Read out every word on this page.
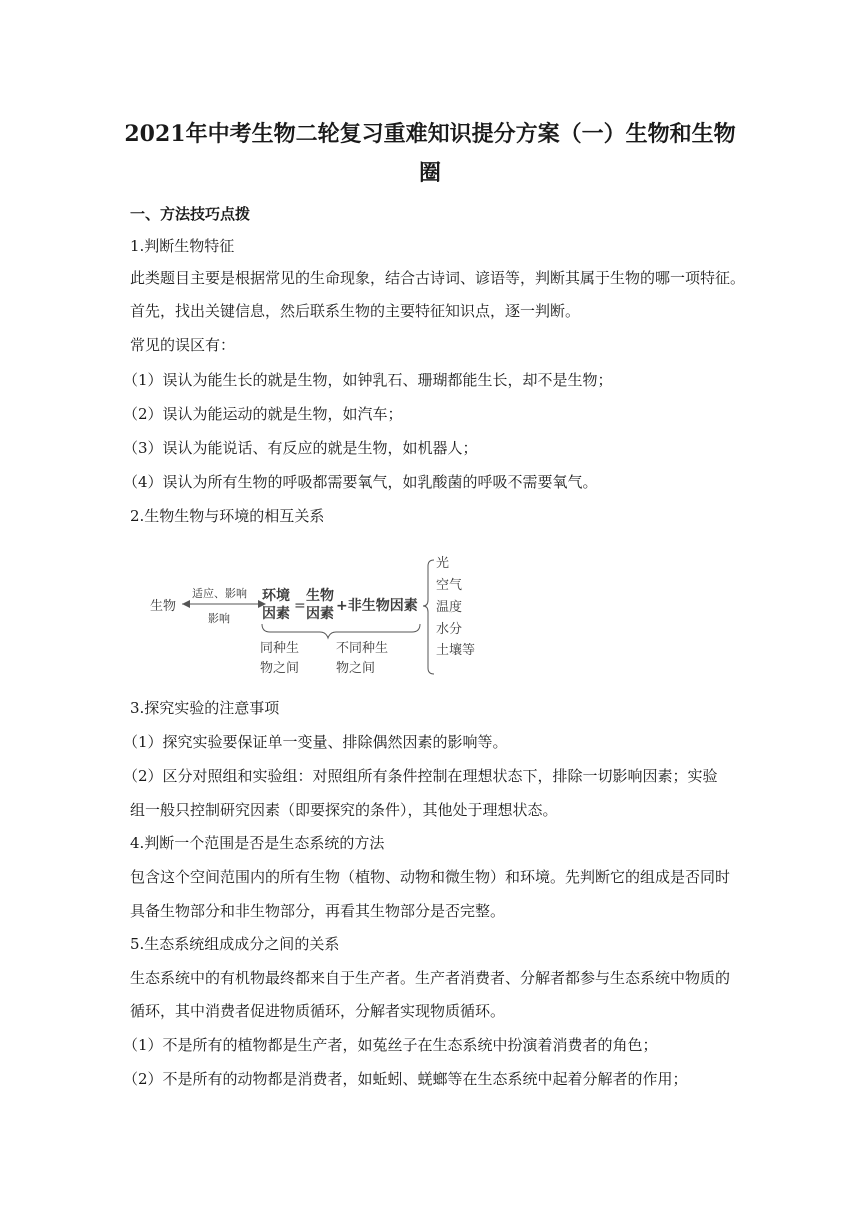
2021年中考生物二轮复习重难知识提分方案（一）生物和生物
圈
一、方法技巧点拨
1.判断生物特征
此类题目主要是根据常见的生命现象，结合古诗词、谚语等，判断其属于生物的哪一项特征。
首先，找出关键信息，然后联系生物的主要特征知识点，逐一判断。
常见的误区有：
（1）误认为能生长的就是生物，如钟乳石、珊瑚都能生长，却不是生物；
（2）误认为能运动的就是生物，如汽车；
（3）误认为能说话、有反应的就是生物，如机器人；
（4）误认为所有生物的呼吸都需要氧气，如乳酸菌的呼吸不需要氧气。
2.生物生物与环境的相互关系
生物
适应、影响
影响
环境
因素 =
生物
因素 +非生物因素
光
空气
温度
水分
土壤等
同种生
物之间
不同种生
物之间
3.探究实验的注意事项
（1）探究实验要保证单一变量、排除偶然因素的影响等。
（2）区分对照组和实验组：对照组所有条件控制在理想状态下，排除一切影响因素；实验
组一般只控制研究因素（即要探究的条件），其他处于理想状态。
4.判断一个范围是否是生态系统的方法
包含这个空间范围内的所有生物（植物、动物和微生物）和环境。先判断它的组成是否同时
具备生物部分和非生物部分，再看其生物部分是否完整。
5.生态系统组成成分之间的关系
生态系统中的有机物最终都来自于生产者。生产者消费者、分解者都参与生态系统中物质的
循环，其中消费者促进物质循环，分解者实现物质循环。
（1）不是所有的植物都是生产者，如菟丝子在生态系统中扮演着消费者的角色；
（2）不是所有的动物都是消费者，如蚯蚓、蜣螂等在生态系统中起着分解者的作用；
